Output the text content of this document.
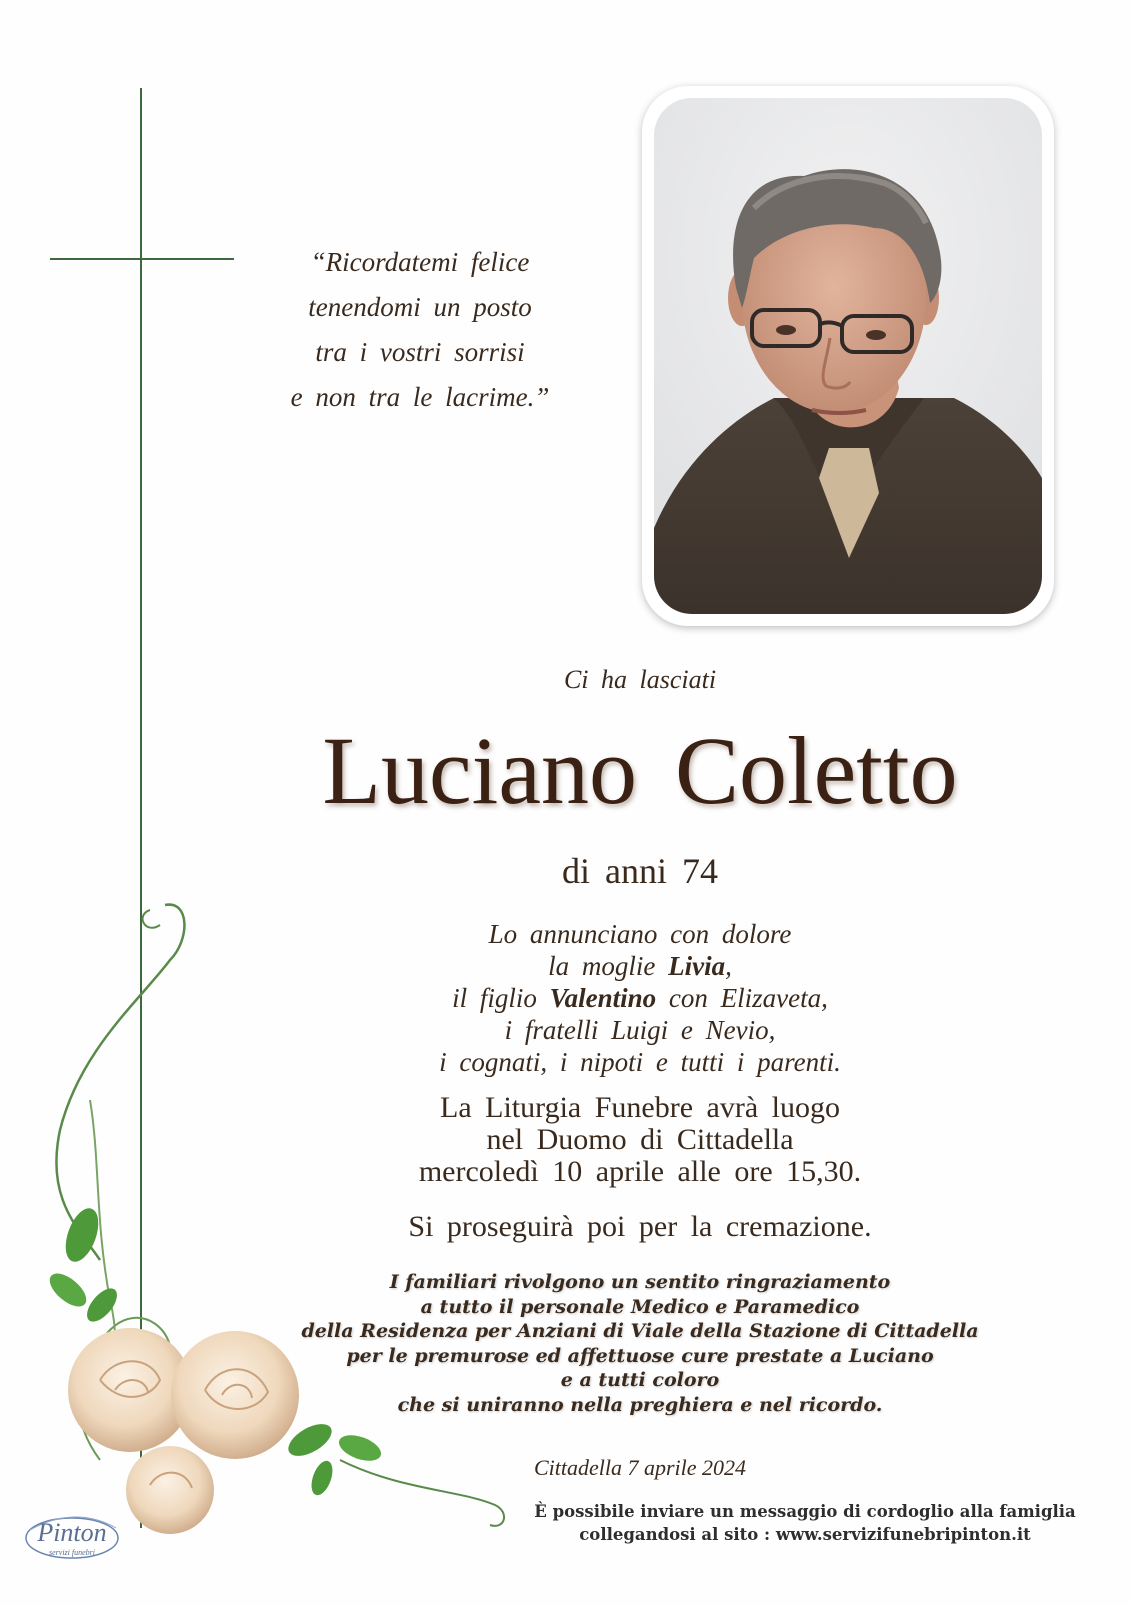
“Ricordatemi felice
tenendomi un posto
tra i vostri sorrisi
e non tra le lacrime.”
Ci ha lasciati
Luciano Coletto
di anni 74
Lo annunciano con dolore
la moglie Livia,
il figlio Valentino con Elizaveta,
i fratelli Luigi e Nevio,
i cognati, i nipoti e tutti i parenti.
La Liturgia Funebre avrà luogo
nel Duomo di Cittadella
mercoledì 10 aprile alle ore 15,30.
Si proseguirà poi per la cremazione.
I familiari rivolgono un sentito ringraziamento
a tutto il personale Medico e Paramedico
della Residenza per Anziani di Viale della Stazione di Cittadella
per le premurose ed affettuose cure prestate a Luciano
e a tutti coloro
che si uniranno nella preghiera e nel ricordo.
Cittadella 7 aprile 2024
È possibile inviare un messaggio di cordoglio alla famiglia
collegandosi al sito : www.servizifunebripinton.it
Pinton
servizi funebri
